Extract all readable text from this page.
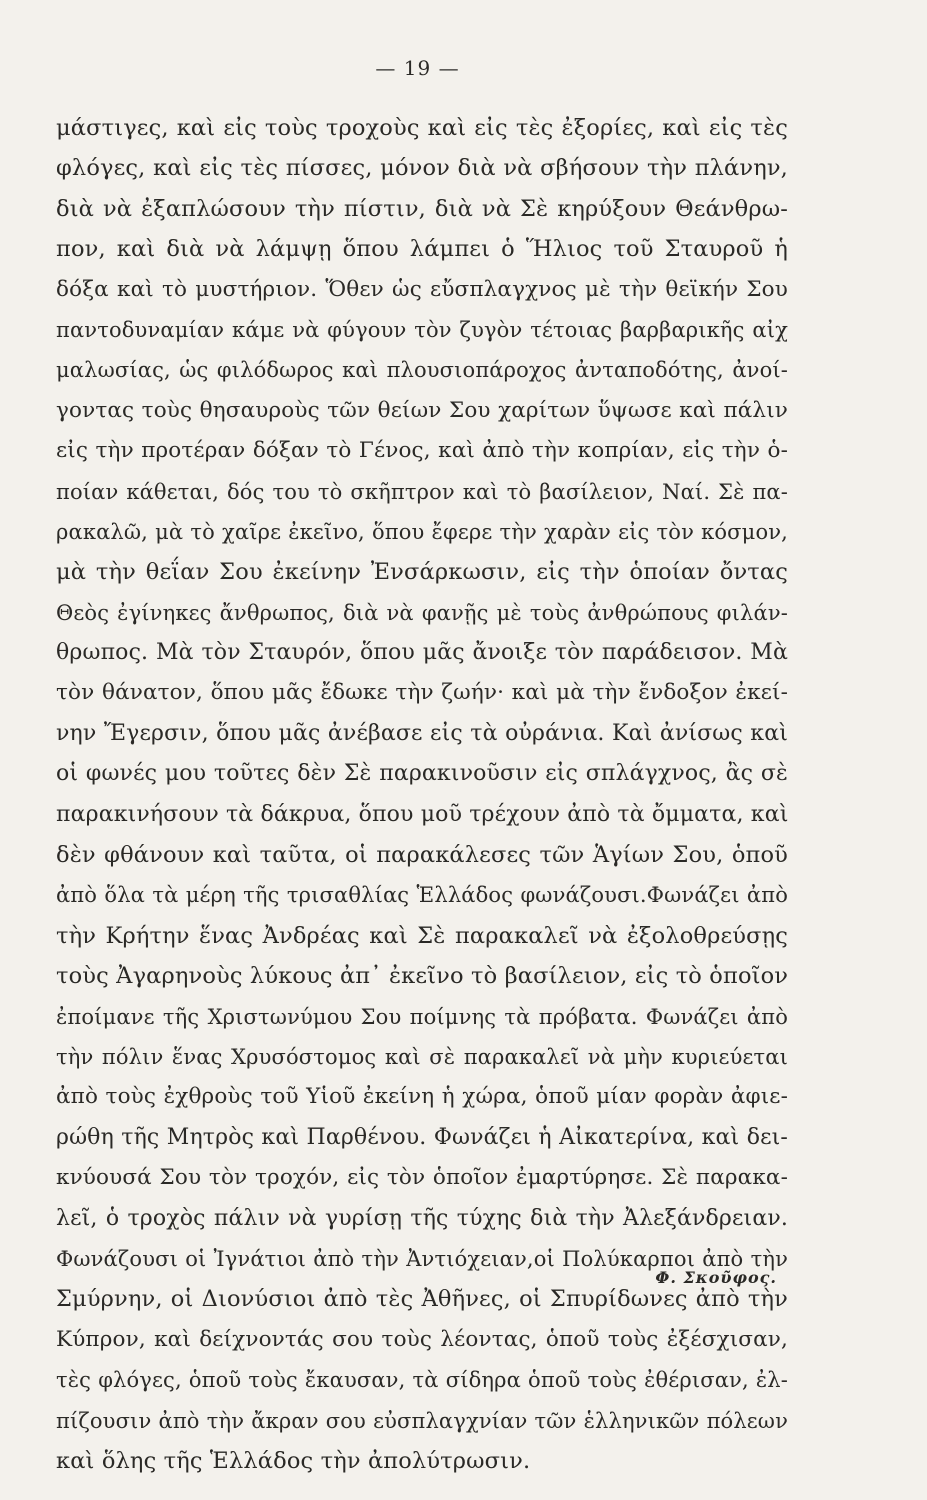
— 19 —
μάστιγες, καὶ εἰς τοὺς τροχοὺς καὶ εἰς τὲς ἐξορίες, καὶ εἰς τὲς
φλόγες, καὶ εἰς τὲς πίσσες, μόνον διὰ νὰ σβήσουν τὴν πλάνην,
διὰ νὰ ἐξαπλώσουν τὴν πίστιν, διὰ νὰ Σὲ κηρύξουν Θεάνθρω-
πον, καὶ διὰ νὰ λάμψῃ ὅπου λάμπει ὁ Ἥλιος τοῦ Σταυροῦ ἡ
δόξα καὶ τὸ μυστήριον. Ὅθεν ὡς εὔσπλαγχνος μὲ τὴν θεϊκήν Σου
παντοδυναμίαν κάμε νὰ φύγουν τὸν ζυγὸν τέτοιας βαρβαρικῆς αἰχ
μαλωσίας, ὡς φιλόδωρος καὶ πλουσιοπάροχος ἀνταποδότης, ἀνοί-
γοντας τοὺς θησαυροὺς τῶν θείων Σου χαρίτων ὕψωσε καὶ πάλιν
εἰς τὴν προτέραν δόξαν τὸ Γένος, καὶ ἀπὸ τὴν κοπρίαν, εἰς τὴν ὁ-
ποίαν κάθεται, δός του τὸ σκῆπτρον καὶ τὸ βασίλειον, Ναί. Σὲ πα-
ρακαλῶ, μὰ τὸ χαῖρε ἐκεῖνο, ὅπου ἔφερε τὴν χαρὰν εἰς τὸν κόσμον,
μὰ τὴν θεΐαν Σου ἐκείνην Ἐνσάρκωσιν, εἰς τὴν ὁποίαν ὄντας
Θεὸς ἐγίνηκες ἄνθρωπος, διὰ νὰ φανῇς μὲ τοὺς ἀνθρώπους φιλάν-
θρωπος. Μὰ τὸν Σταυρόν, ὅπου μᾶς ἄνοιξε τὸν παράδεισον. Μὰ
τὸν θάνατον, ὅπου μᾶς ἔδωκε τὴν ζωήν· καὶ μὰ τὴν ἔνδοξον ἐκεί-
νην Ἔγερσιν, ὅπου μᾶς ἀνέβασε εἰς τὰ οὐράνια. Καὶ ἀνίσως καὶ
οἱ φωνές μου τοῦτες δὲν Σὲ παρακινοῦσιν εἰς σπλάγχνος, ἂς σὲ
παρακινήσουν τὰ δάκρυα, ὅπου μοῦ τρέχουν ἀπὸ τὰ ὄμματα, καὶ
δὲν φθάνουν καὶ ταῦτα, οἱ παρακάλεσες τῶν Ἁγίων Σου, ὁποῦ
ἀπὸ ὅλα τὰ μέρη τῆς τρισαθλίας Ἑλλάδος φωνάζουσι.Φωνάζει ἀπὸ
τὴν Κρήτην ἕνας Ἀνδρέας καὶ Σὲ παρακαλεῖ νὰ ἐξολοθρεύσῃς
τοὺς Ἀγαρηνοὺς λύκους ἀπ᾿ ἐκεῖνο τὸ βασίλειον, εἰς τὸ ὁποῖον
ἐποίμανε τῆς Χριστωνύμου Σου ποίμνης τὰ πρόβατα. Φωνάζει ἀπὸ
τὴν πόλιν ἕνας Χρυσόστομος καὶ σὲ παρακαλεῖ νὰ μὴν κυριεύεται
ἀπὸ τοὺς ἐχθροὺς τοῦ Υἱοῦ ἐκείνη ἡ χώρα, ὁποῦ μίαν φορὰν ἀφιε-
ρώθη τῆς Μητρὸς καὶ Παρθένου. Φωνάζει ἡ Αἰκατερίνα, καὶ δει-
κνύουσά Σου τὸν τροχόν, εἰς τὸν ὁποῖον ἐμαρτύρησε. Σὲ παρακα-
λεῖ, ὁ τροχὸς πάλιν νὰ γυρίσῃ τῆς τύχης διὰ τὴν Ἀλεξάνδρειαν.
Φωνάζουσι οἱ Ἰγνάτιοι ἀπὸ τὴν Ἀντιόχειαν,οἱ Πολύκαρποι ἀπὸ τὴν
Σμύρνην, οἱ Διονύσιοι ἀπὸ τὲς Ἀθῆνες, οἱ Σπυρίδωνες ἀπὸ τὴν
Κύπρον, καὶ δείχνοντάς σου τοὺς λέοντας, ὁποῦ τοὺς ἐξέσχισαν,
τὲς φλόγες, ὁποῦ τοὺς ἔκαυσαν, τὰ σίδηρα ὁποῦ τοὺς ἐθέρισαν, ἐλ-
πίζουσιν ἀπὸ τὴν ἄκραν σου εὐσπλαγχνίαν τῶν ἑλληνικῶν πόλεων
καὶ ὅλης τῆς Ἑλλάδος τὴν ἀπολύτρωσιν.
Φ. Σκοῦφος.
